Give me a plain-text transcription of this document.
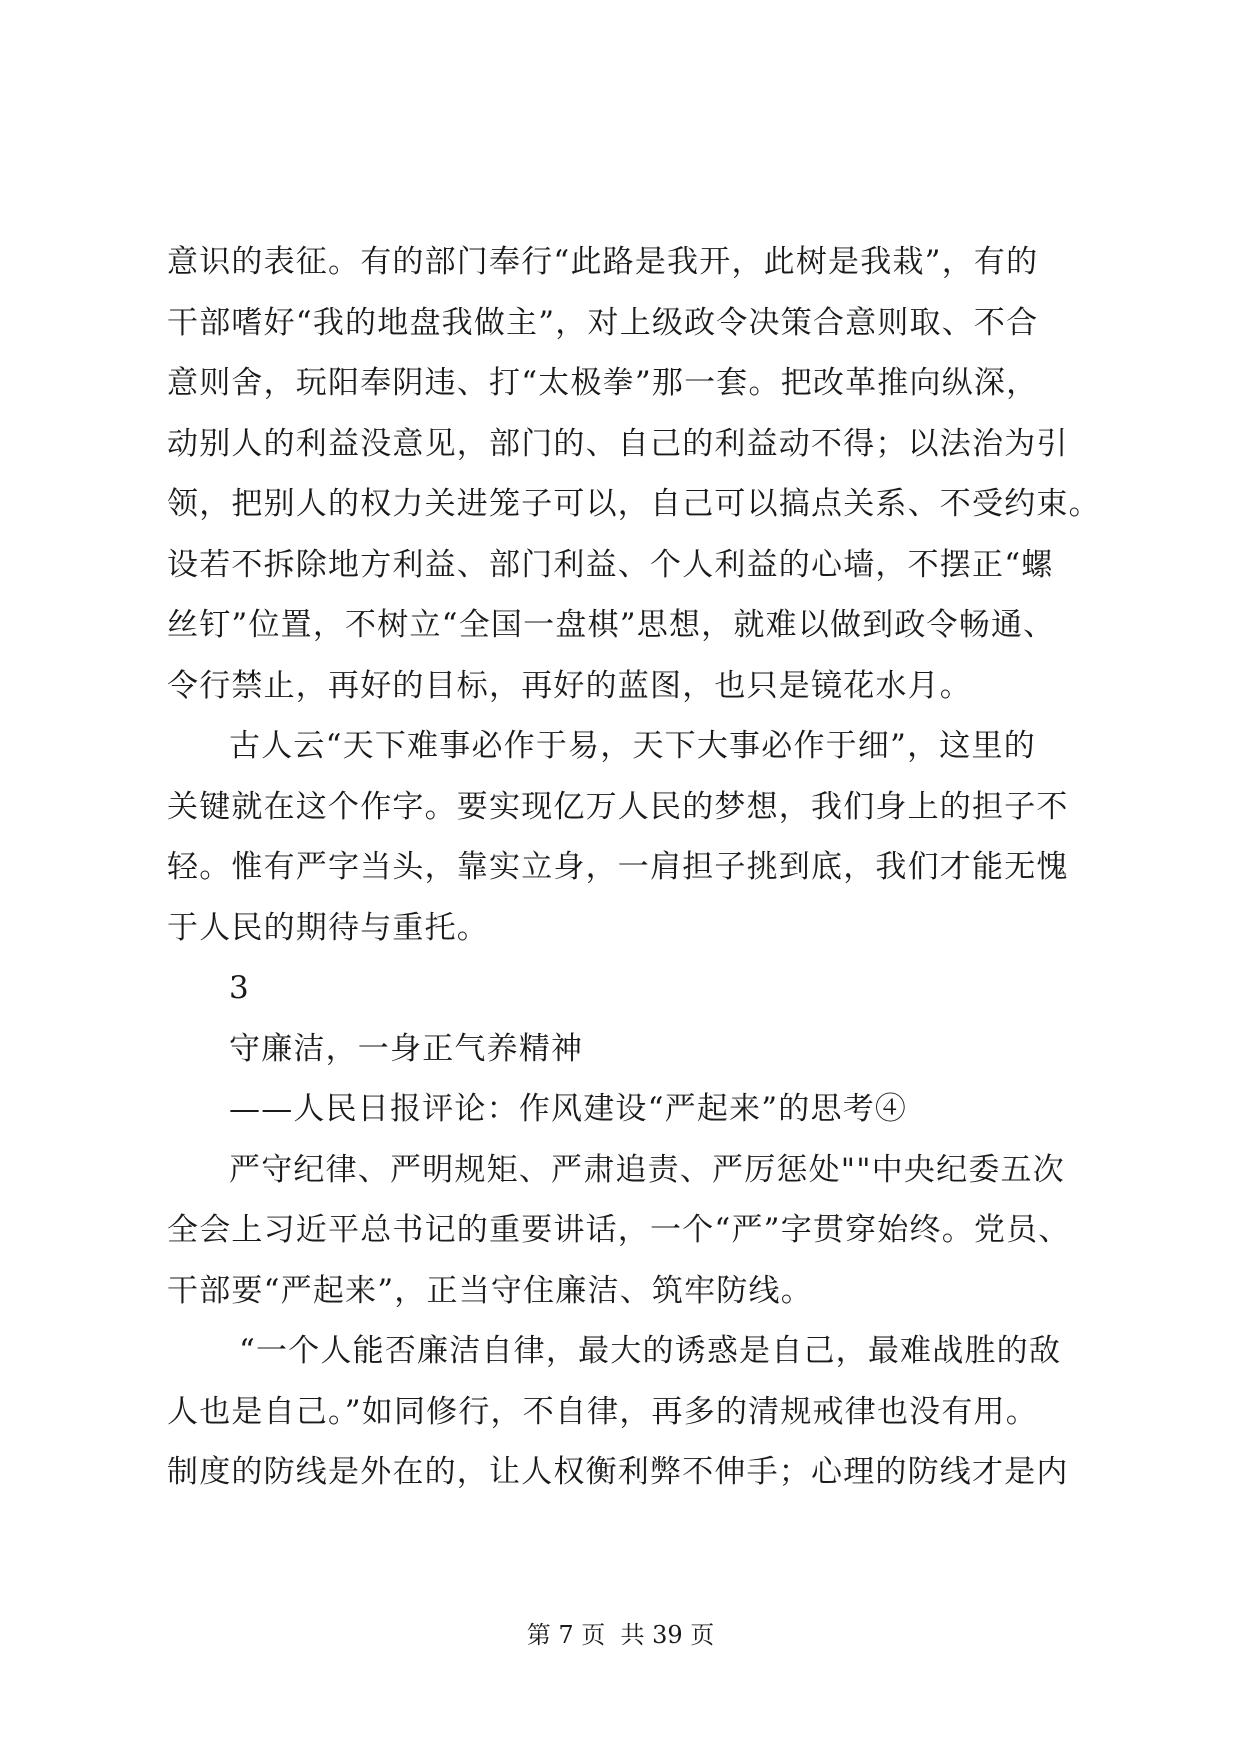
意识的表征。有的部门奉行“此路是我开，此树是我栽”，有的
干部嗜好“我的地盘我做主”，对上级政令决策合意则取、不合
意则舍，玩阳奉阴违、打“太极拳”那一套。把改革推向纵深，
动别人的利益没意见，部门的、自己的利益动不得；以法治为引
领，把别人的权力关进笼子可以，自己可以搞点关系、不受约束。
设若不拆除地方利益、部门利益、个人利益的心墙，不摆正“螺
丝钉”位置，不树立“全国一盘棋”思想，就难以做到政令畅通、
令行禁止，再好的目标，再好的蓝图，也只是镜花水月。
古人云“天下难事必作于易，天下大事必作于细”，这里的
关键就在这个作字。要实现亿万人民的梦想，我们身上的担子不
轻。惟有严字当头，靠实立身，一肩担子挑到底，我们才能无愧
于人民的期待与重托。
3
守廉洁，一身正气养精神
——人民日报评论：作风建设“严起来”的思考④
严守纪律、严明规矩、严肃追责、严厉惩处""中央纪委五次
全会上习近平总书记的重要讲话，一个“严”字贯穿始终。党员、
干部要“严起来”，正当守住廉洁、筑牢防线。
“一个人能否廉洁自律，最大的诱惑是自己，最难战胜的敌
人也是自己。”如同修行，不自律，再多的清规戒律也没有用。
制度的防线是外在的，让人权衡利弊不伸手；心理的防线才是内
第 7 页  共 39 页
